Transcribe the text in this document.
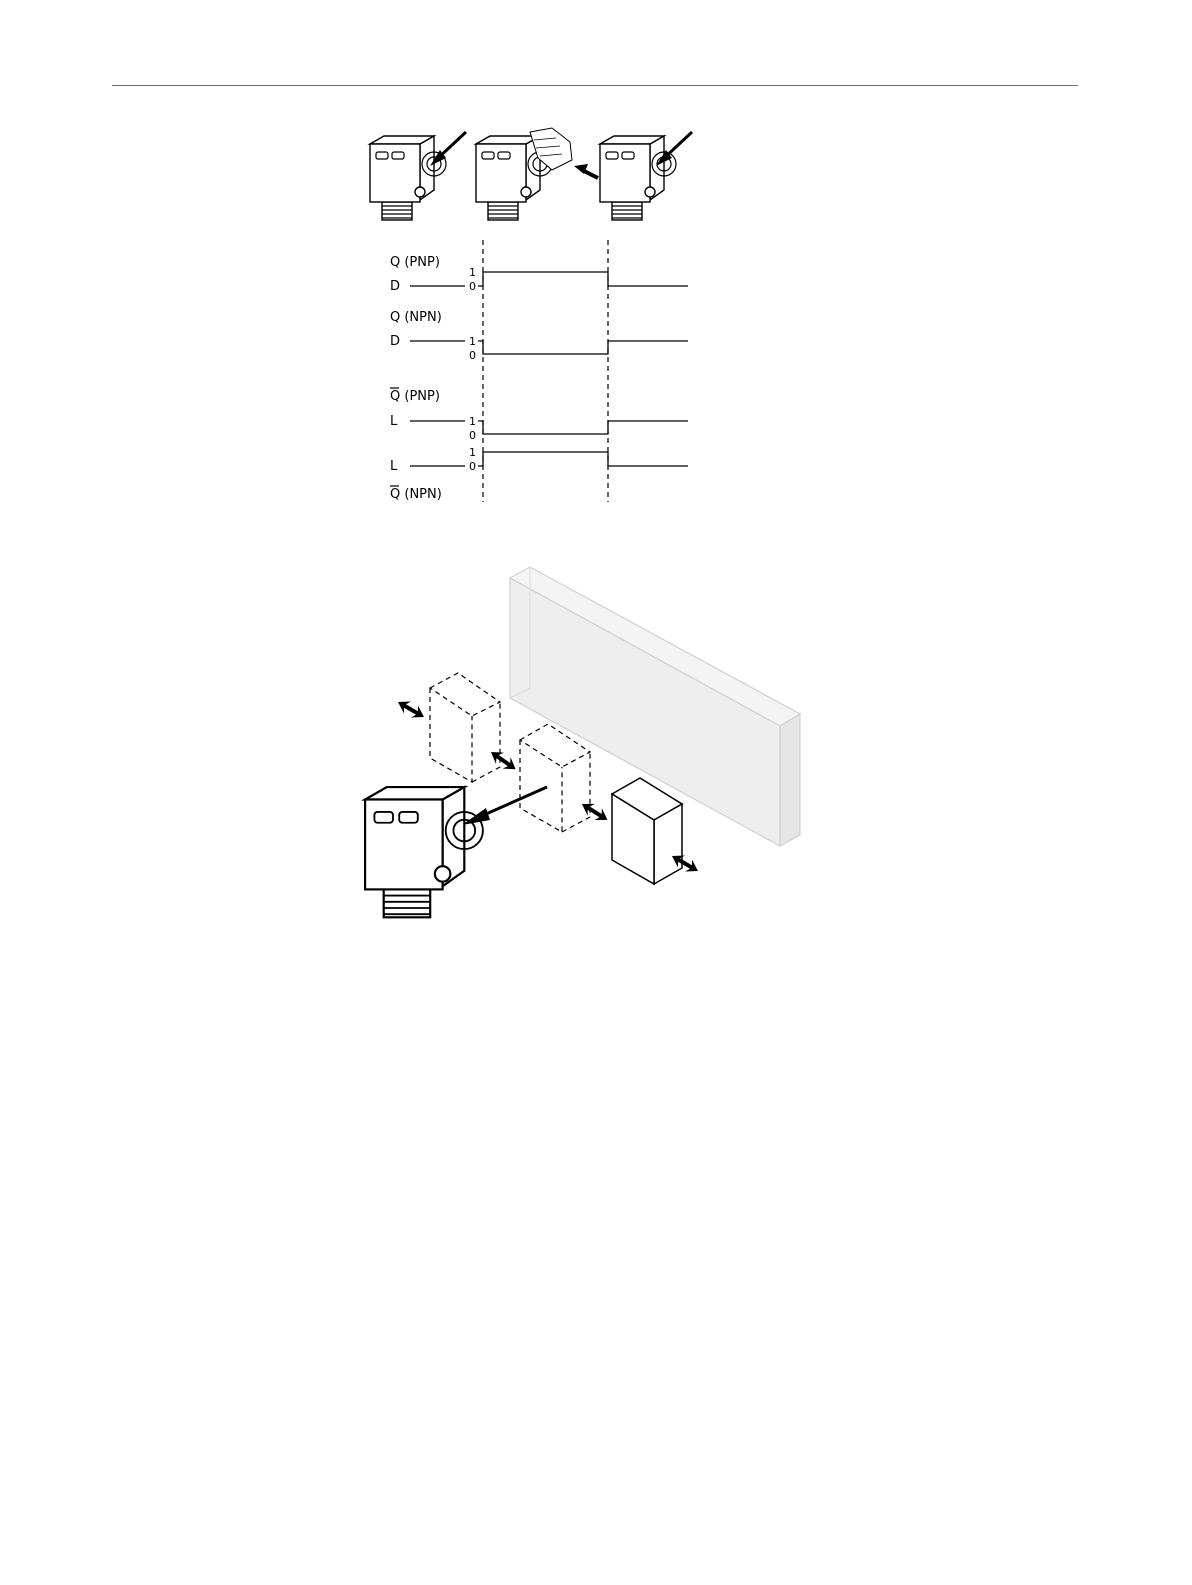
Q (PNP)
D
1
0
Q (NPN)
D	1
0
Q (PNP)
L	1
0
1
0
L
Q (NPN)
